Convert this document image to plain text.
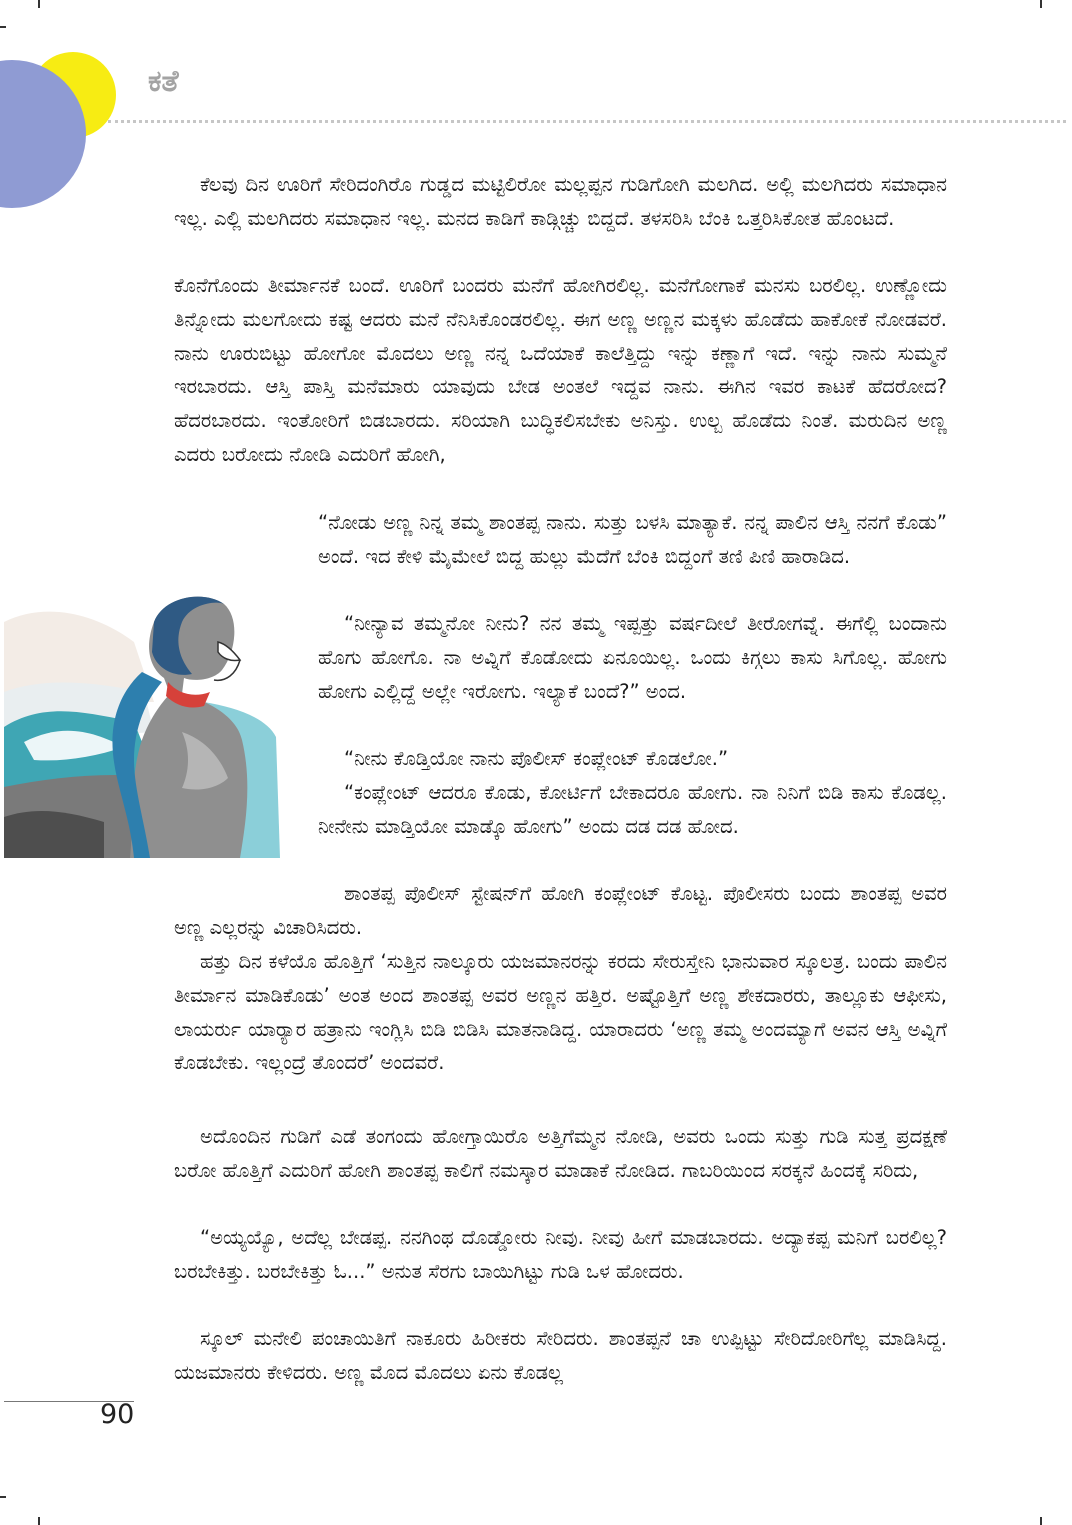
ಕತೆ

ಕೆಲವು ದಿನ ಊರಿಗೆ ಸೇರಿದಂಗಿರೊ ಗುಡ್ಡದ ಮಟ್ಟಿಲಿರೋ ಮಲ್ಲಪ್ಪನ ಗುಡಿಗೋಗಿ ಮಲಗಿದ. ಅಲ್ಲಿ ಮಲಗಿದರು ಸಮಾಧಾನ ಇಲ್ಲ. ಎಲ್ಲಿ ಮಲಗಿದರು ಸಮಾಧಾನ ಇಲ್ಲ. ಮನದ ಕಾಡಿಗೆ ಕಾಡ್ಗಿಚ್ಚು ಬಿದ್ದದೆ. ತಳಸರಿಸಿ ಬೆಂಕಿ ಒತ್ತರಿಸಿಕೋತ ಹೊಂಟದೆ.

ಕೊನೆಗೊಂದು ತೀರ್ಮಾನಕೆ ಬಂದೆ. ಊರಿಗೆ ಬಂದರು ಮನೆಗೆ ಹೋಗಿರಲಿಲ್ಲ. ಮನೆಗೋಗಾಕೆ ಮನಸು ಬರಲಿಲ್ಲ. ಉಣ್ಣೋದು ತಿನ್ನೋದು ಮಲಗೋದು ಕಷ್ಟ ಆದರು ಮನೆ ನೆನಿಸಿಕೊಂಡರಲಿಲ್ಲ. ಈಗ ಅಣ್ಣ ಅಣ್ಣನ ಮಕ್ಕಳು ಹೊಡೆದು ಹಾಕೋಕೆ ನೋಡವರೆ. ನಾನು ಊರುಬಿಟ್ಟು ಹೋಗೋ ಮೊದಲು ಅಣ್ಣ ನನ್ನ ಒದೆಯಾಕೆ ಕಾಲೆತ್ತಿದ್ದು ಇನ್ನು ಕಣ್ಣಾಗೆ ಇದೆ. ಇನ್ನು ನಾನು ಸುಮ್ಮನೆ ಇರಬಾರದು. ಆಸ್ತಿ ಪಾಸ್ತಿ ಮನೆಮಾರು ಯಾವುದು ಬೇಡ ಅಂತಲೆ ಇದ್ದವ ನಾನು. ಈಗಿನ ಇವರ ಕಾಟಕೆ ಹೆದರೋದ? ಹೆದರಬಾರದು. ಇಂತೋರಿಗೆ ಬಿಡಬಾರದು. ಸರಿಯಾಗಿ ಬುದ್ಧಿಕಲಿಸಬೇಕು ಅನಿಸ್ತು. ಉಲ್ಬ ಹೊಡೆದು ನಿಂತೆ. ಮರುದಿನ ಅಣ್ಣ ಎದರು ಬರೋದು ನೋಡಿ ಎದುರಿಗೆ ಹೋಗಿ,

“ನೋಡು ಅಣ್ಣ ನಿನ್ನ ತಮ್ಮ ಶಾಂತಪ್ಪ ನಾನು. ಸುತ್ತು ಬಳಸಿ ಮಾತ್ಯಾಕೆ. ನನ್ನ ಪಾಲಿನ ಆಸ್ತಿ ನನಗೆ ಕೊಡು” ಅಂದೆ. ಇದ ಕೇಳಿ ಮೈಮೇಲೆ ಬಿದ್ದ ಹುಲ್ಲು ಮೆದೆಗೆ ಬೆಂಕಿ ಬಿದ್ದಂಗೆ ತಣಿ ಪಿಣಿ ಹಾರಾಡಿದ.

“ನೀನ್ಯಾವ ತಮ್ಮನೋ ನೀನು? ನನ ತಮ್ಮ ಇಪ್ಪತ್ತು ವರ್ಷದೀಲೆ ತೀರೋಗವ್ನೆ. ಈಗೆಲ್ಲಿ ಬಂದಾನು ಹೊಗು ಹೋಗೊ. ನಾ ಅವ್ನಿಗೆ ಕೊಡೋದು ಏನೂಯಿಲ್ಲ. ಒಂದು ಕಿಗ್ಗಲು ಕಾಸು ಸಿಗೊಲ್ಲ. ಹೋಗು ಹೋಗು ಎಲ್ಲಿದ್ದೆ ಅಲ್ಲೇ ಇರೋಗು. ಇಲ್ಯಾಕೆ ಬಂದೆ?” ಅಂದ.

“ನೀನು ಕೊಡ್ತಿಯೋ ನಾನು ಪೊಲೀಸ್ ಕಂಪ್ಲೇಂಟ್ ಕೊಡಲೋ.”

“ಕಂಪ್ಲೇಂಟ್ ಆದರೂ ಕೊಡು, ಕೋರ್ಟಿಗೆ ಬೇಕಾದರೂ ಹೋಗು. ನಾ ನಿನಿಗೆ ಬಿಡಿ ಕಾಸು ಕೊಡಲ್ಲ. ನೀನೇನು ಮಾಡ್ತಿಯೋ ಮಾಡ್ಕೊ ಹೋಗು” ಅಂದು ದಡ ದಡ ಹೋದ.

ಶಾಂತಪ್ಪ ಪೊಲೀಸ್ ಸ್ಟೇಷನ್‌ಗೆ ಹೋಗಿ ಕಂಪ್ಲೇಂಟ್ ಕೊಟ್ಟ. ಪೊಲೀಸರು ಬಂದು ಶಾಂತಪ್ಪ ಅವರ ಅಣ್ಣ ಎಲ್ಲರನ್ನು ವಿಚಾರಿಸಿದರು.

ಹತ್ತು ದಿನ ಕಳೆಯೊ ಹೊತ್ತಿಗೆ ‘ಸುತ್ತಿನ ನಾಲ್ಕೂರು ಯಜಮಾನರನ್ನು ಕರದು ಸೇರುಸ್ತೇನಿ ಭಾನುವಾರ ಸ್ಕೂಲತ್ರ. ಬಂದು ಪಾಲಿನ ತೀರ್ಮಾನ ಮಾಡಿಕೊಡು’ ಅಂತ ಅಂದ ಶಾಂತಪ್ಪ ಅವರ ಅಣ್ಣನ ಹತ್ತಿರ. ಅಷ್ಟೊತ್ತಿಗೆ ಅಣ್ಣ ಶೇಕದಾರರು, ತಾಲ್ಲೂಕು ಆಫೀಸು, ಲಾಯರ್ರು ಯಾರ‍್ಯಾರ ಹತ್ರಾನು ಇಂಗ್ಲಿಸಿ ಬಿಡಿ ಬಿಡಿಸಿ ಮಾತನಾಡಿದ್ದ. ಯಾರಾದರು ‘ಅಣ್ಣ ತಮ್ಮ ಅಂದಮ್ಯಾಗೆ ಅವನ ಆಸ್ತಿ ಅವ್ನಿಗೆ ಕೊಡಬೇಕು. ಇಲ್ಲಂದ್ರೆ ತೊಂದರೆ’ ಅಂದವರೆ.

ಅದೊಂದಿನ ಗುಡಿಗೆ ಎಡೆ ತಂಗಂದು ಹೋಗ್ತಾಯಿರೊ ಅತ್ತಿಗೆಮ್ಮನ ನೋಡಿ, ಅವರು ಒಂದು ಸುತ್ತು ಗುಡಿ ಸುತ್ತ ಪ್ರದಕ್ಷಣೆ ಬರೋ ಹೊತ್ತಿಗೆ ಎದುರಿಗೆ ಹೋಗಿ ಶಾಂತಪ್ಪ ಕಾಲಿಗೆ ನಮಸ್ಕಾರ ಮಾಡಾಕೆ ನೋಡಿದ. ಗಾಬರಿಯಿಂದ ಸರಕ್ಕನೆ ಹಿಂದಕ್ಕೆ ಸರಿದು,

“ಅಯ್ಯಯ್ಯೊ, ಅದೆಲ್ಲ ಬೇಡಪ್ಪ. ನನಗಿಂಥ ದೊಡ್ಡೋರು ನೀವು. ನೀವು ಹೀಗೆ ಮಾಡಬಾರದು. ಅದ್ಯಾಕಪ್ಪ ಮನಿಗೆ ಬರಲಿಲ್ಲ? ಬರಬೇಕಿತ್ತು. ಬರಬೇಕಿತ್ತು ಓ...” ಅನುತ ಸೆರಗು ಬಾಯಿಗಿಟ್ಟು ಗುಡಿ ಒಳ ಹೋದರು.

ಸ್ಕೂಲ್ ಮನೇಲಿ ಪಂಚಾಯಿತಿಗೆ ನಾಕೂರು ಹಿರೀಕರು ಸೇರಿದರು. ಶಾಂತಪ್ಪನೆ ಚಾ ಉಪ್ಪಿಟ್ಟು ಸೇರಿದೋರಿಗೆಲ್ಲ ಮಾಡಿಸಿದ್ದ. ಯಜಮಾನರು ಕೇಳಿದರು. ಅಣ್ಣ ಮೊದ ಮೊದಲು ಏನು ಕೊಡಲ್ಲ

90
